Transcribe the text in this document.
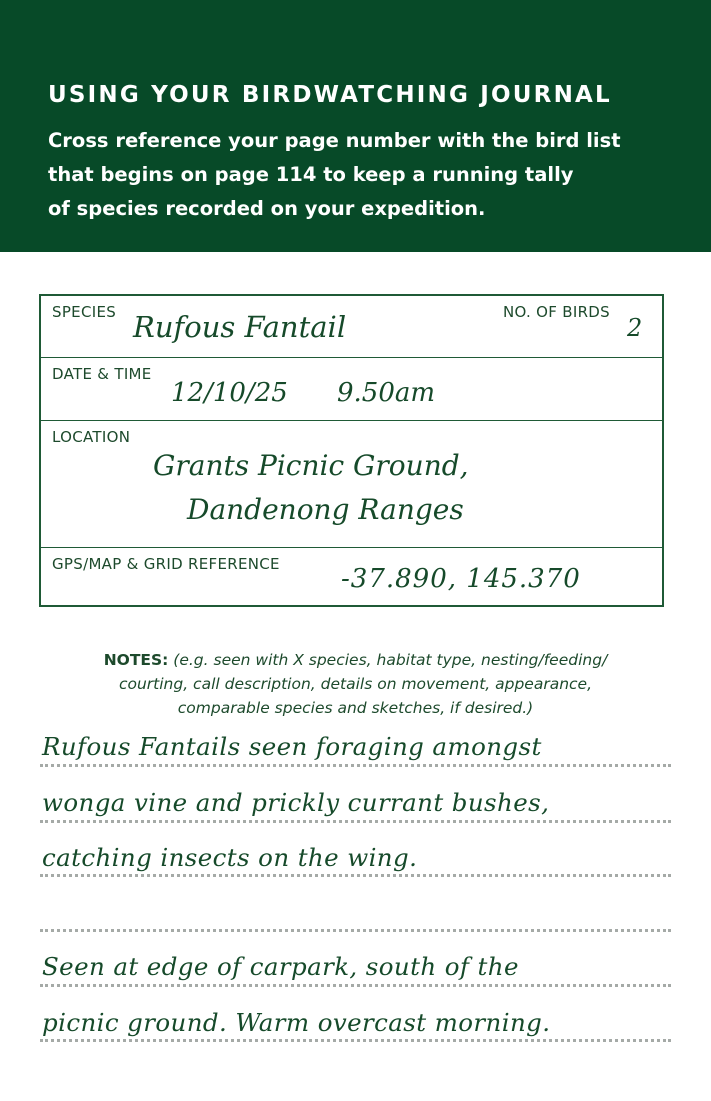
USING YOUR BIRDWATCHING JOURNAL
Cross reference your page number with the bird list
that begins on page 114 to keep a running tally
of species recorded on your expedition.
SPECIES Rufous Fantail	NO. OF BIRDS
2
DATE & TIME
12/10/25 9.50am
LOCATION
Grants Picnic Ground,
Dandenong Ranges
GPS/MAP & GRID REFERENCE -37.890, 145.370
NOTES: (e.g. seen with X species, habitat type, nesting/feeding/
courting, call description, details on movement, appearance,
comparable species and sketches, if desired.)
Rufous Fantails seen foraging amongst
wonga vine and prickly currant bushes,
catching insects on the wing.
Seen at edge of carpark, south of the
picnic ground. Warm overcast morning.
